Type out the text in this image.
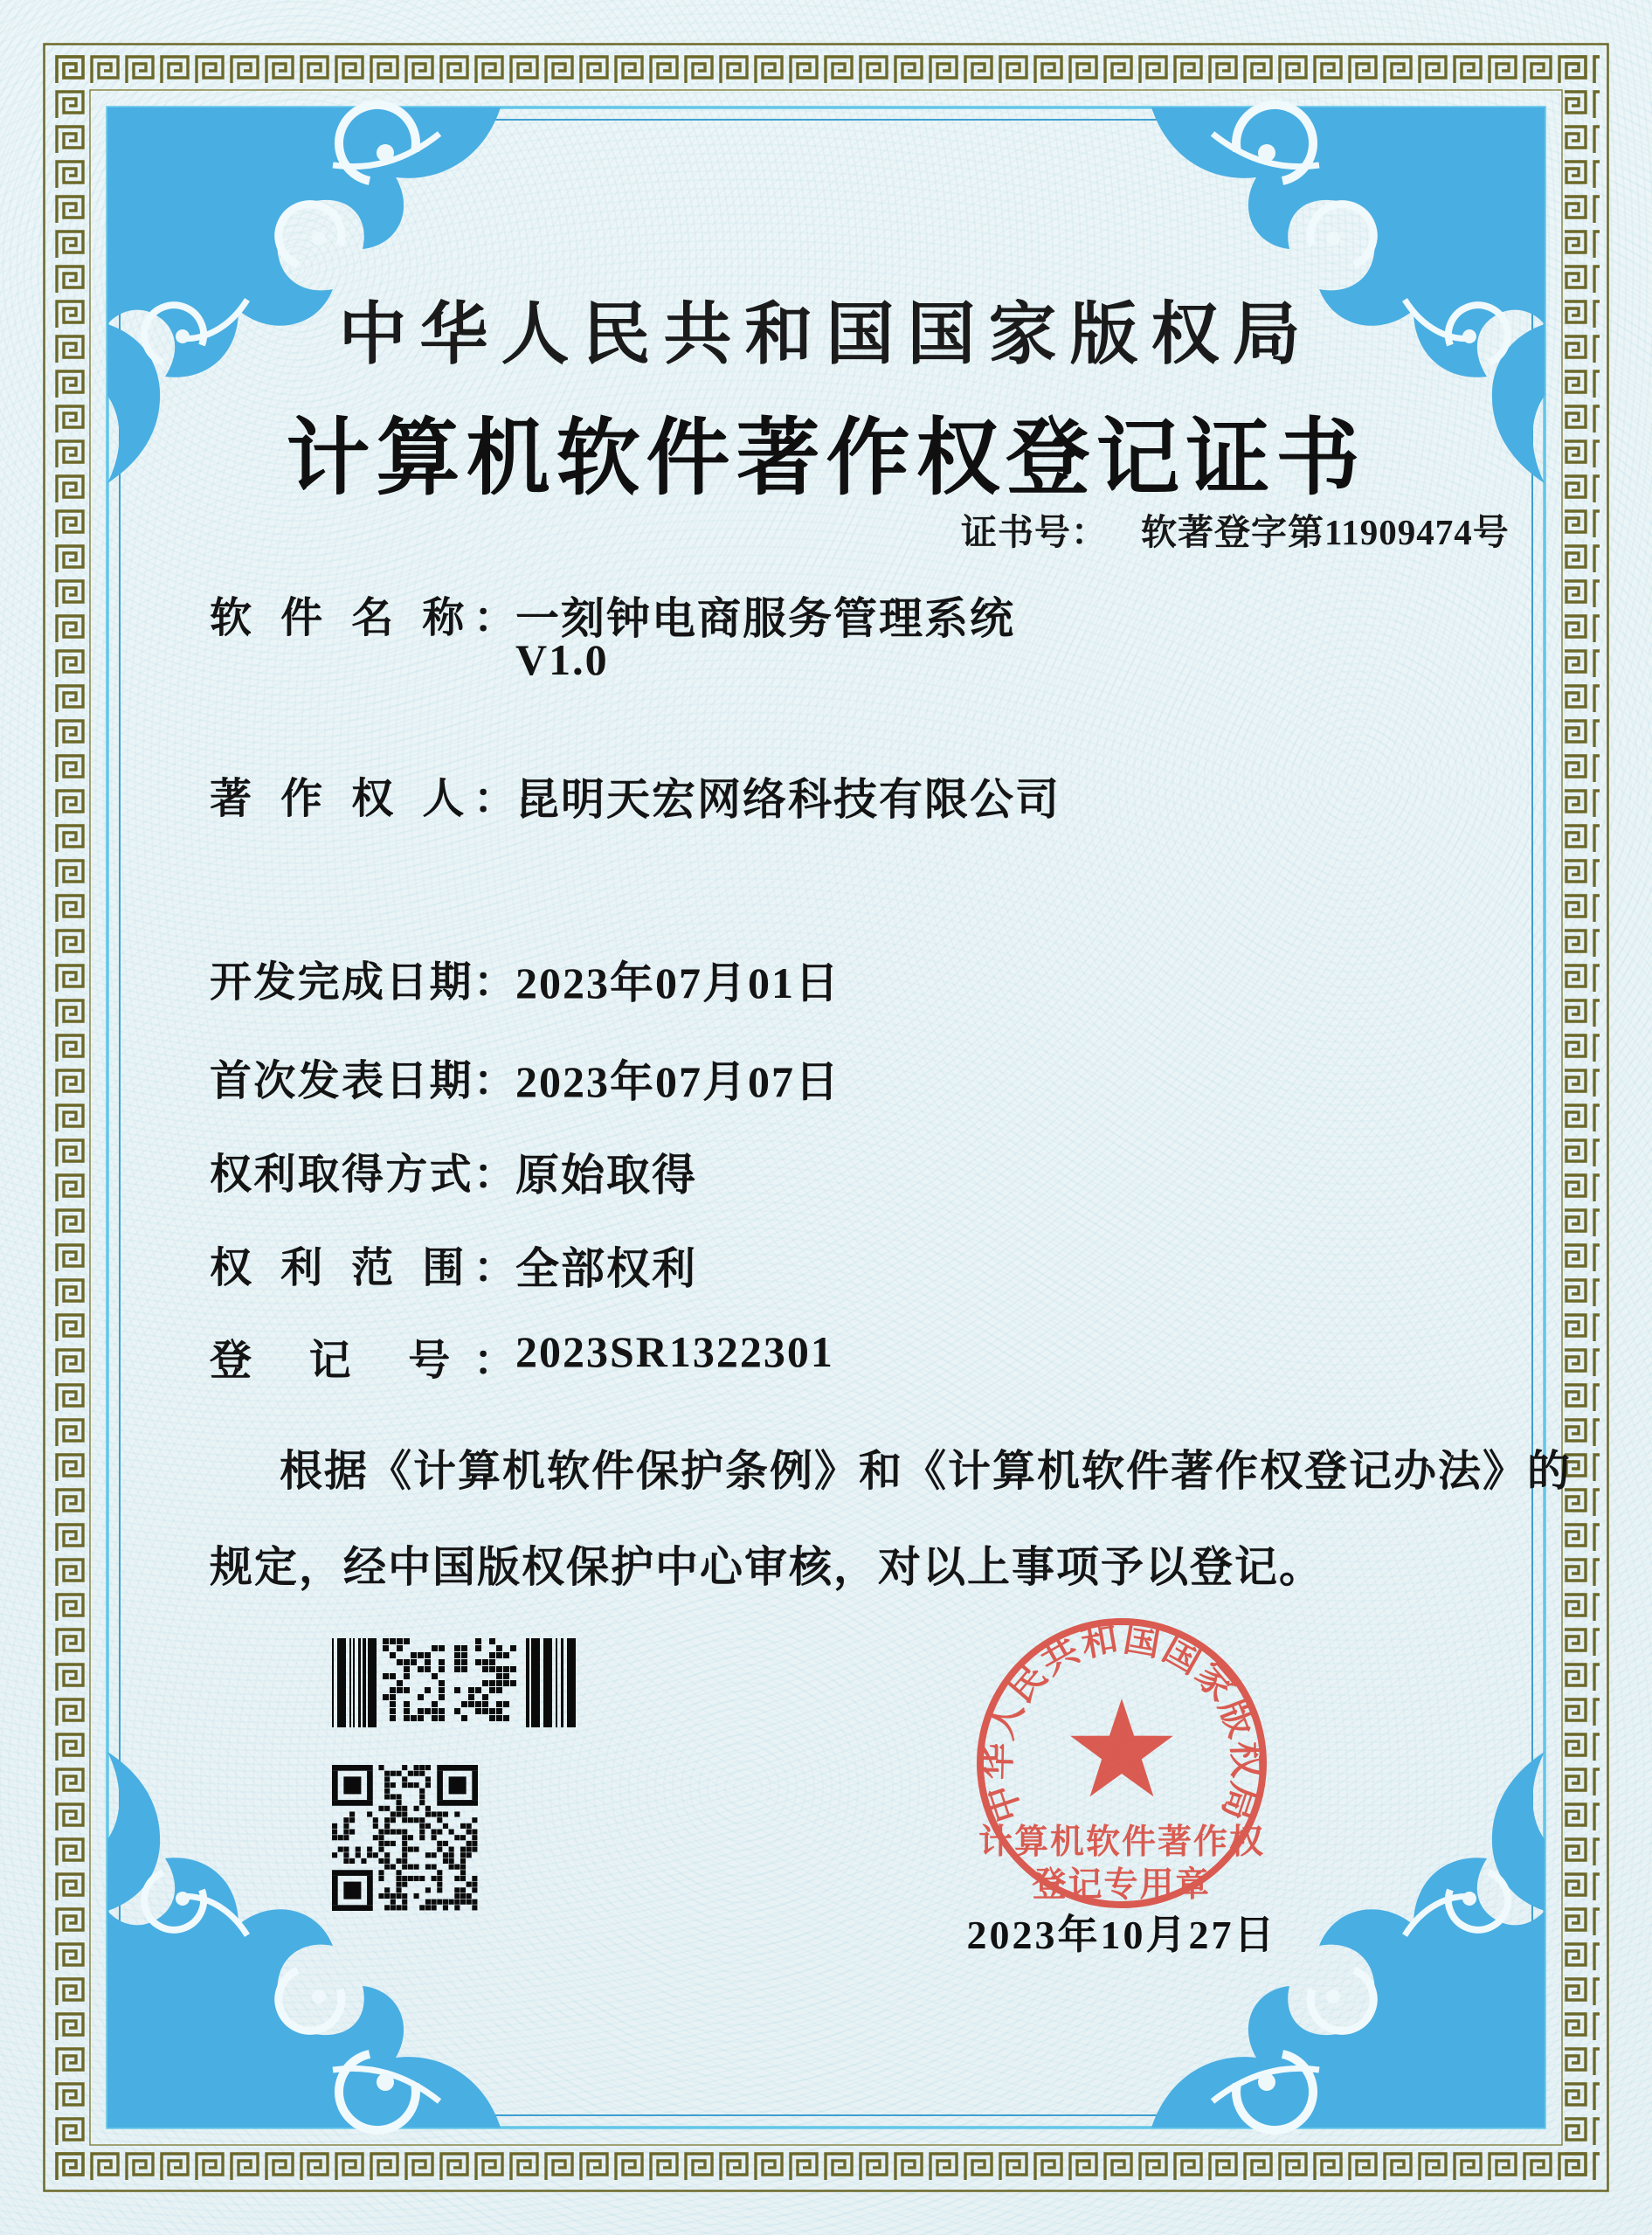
中华人民共和国国家版权局
计算机软件著作权登记证书
证书号： 软著登字第11909474号
软 件 名 称： 一刻钟电商服务管理系统
V1.0
著 作 权 人： 昆明天宏网络科技有限公司
开发完成日期： 2023年07月01日
首次发表日期： 2023年07月07日
权利取得方式： 原始取得
权 利 范 围： 全部权利
登 记 号： 2023SR1322301
根据《计算机软件保护条例》和《计算机软件著作权登记办法》的
规定，经中国版权保护中心审核，对以上事项予以登记。
中华人民共和国国家版权局
计算机软件著作权
登记专用章
2023年10月27日
